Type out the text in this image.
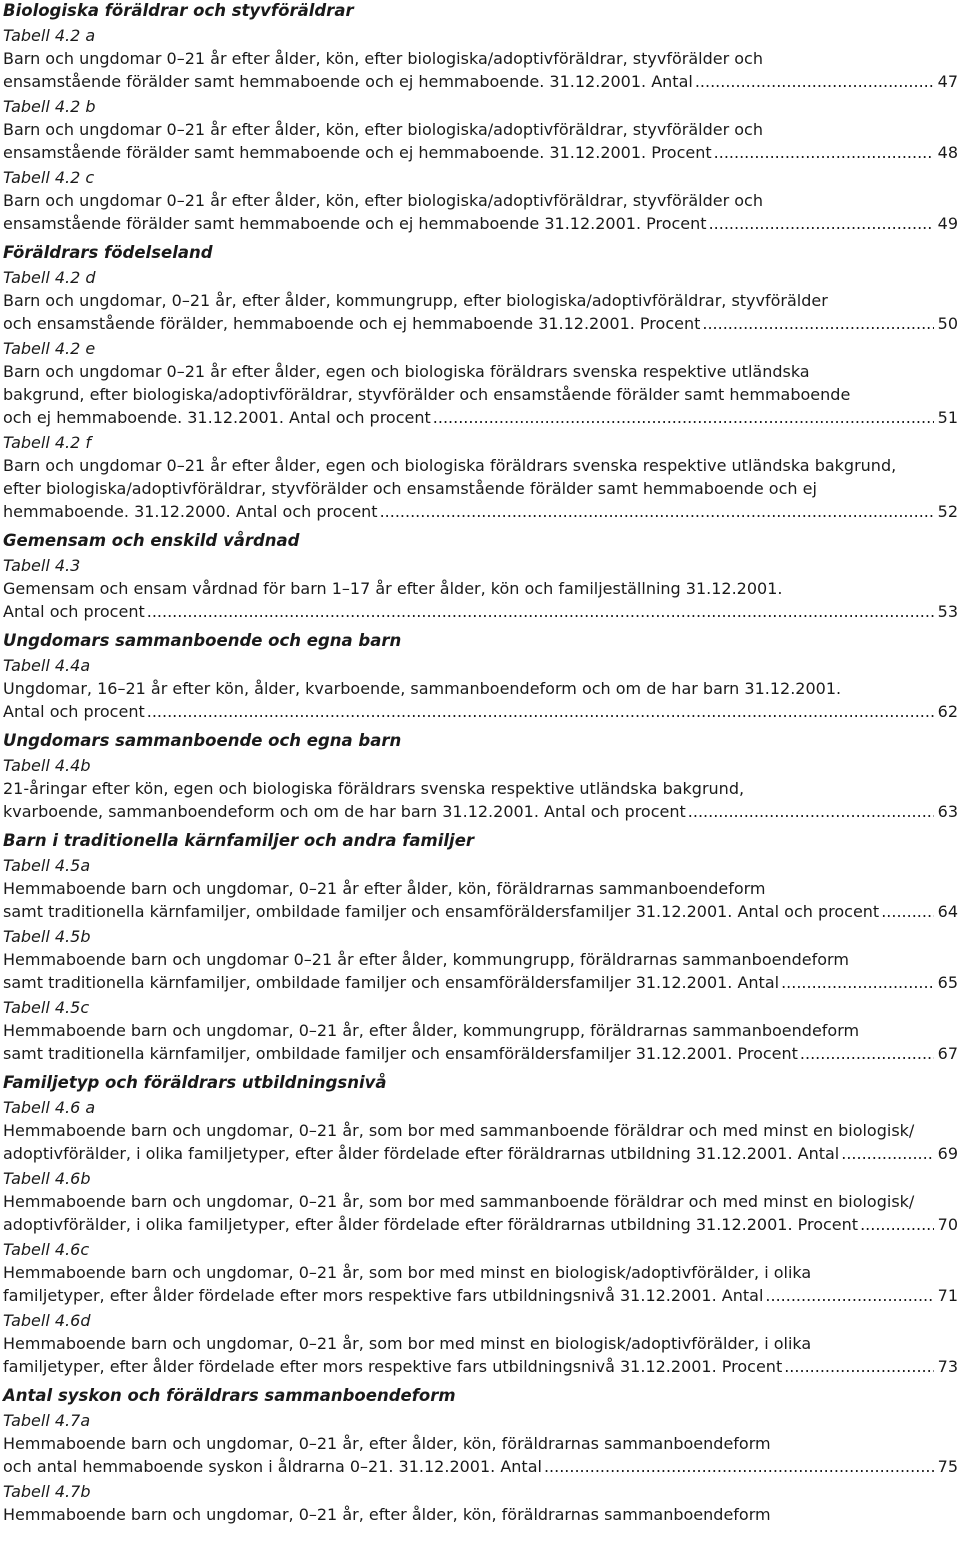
Biologiska föräldrar och styvföräldrar
Tabell 4.2 a
Barn och ungdomar 0–21 år efter ålder, kön, efter biologiska/adoptivföräldrar, styvförälder och
ensamstående förälder samt hemmaboende och ej hemmaboende. 31.12.2001. Antal .....	47
Tabell 4.2 b
Barn och ungdomar 0–21 år efter ålder, kön, efter biologiska/adoptivföräldrar, styvförälder och
ensamstående förälder samt hemmaboende och ej hemmaboende. 31.12.2001. Procent .....	48
Tabell 4.2 c
Barn och ungdomar 0–21 år efter ålder, kön, efter biologiska/adoptivföräldrar, styvförälder och
ensamstående förälder samt hemmaboende och ej hemmaboende 31.12.2001. Procent .....	49
Föräldrars födelseland
Tabell 4.2 d
Barn och ungdomar, 0–21 år, efter ålder, kommungrupp, efter biologiska/adoptivföräldrar, styvförälder
och ensamstående förälder, hemmaboende och ej hemmaboende 31.12.2001. Procent .....	50
Tabell 4.2 e
Barn och ungdomar 0–21 år efter ålder, egen och biologiska föräldrars svenska respektive utländska
bakgrund, efter biologiska/adoptivföräldrar, styvförälder och ensamstående förälder samt hemmaboende
och ej hemmaboende. 31.12.2001. Antal och procent .....	51
Tabell 4.2 f
Barn och ungdomar 0–21 år efter ålder, egen och biologiska föräldrars svenska respektive utländska bakgrund,
efter biologiska/adoptivföräldrar, styvförälder och ensamstående förälder samt hemmaboende och ej
hemmaboende. 31.12.2000. Antal och procent .....	52
Gemensam och enskild vårdnad
Tabell 4.3
Gemensam och ensam vårdnad för barn 1–17 år efter ålder, kön och familjeställning 31.12.2001.
Antal och procent .....	53
Ungdomars sammanboende och egna barn
Tabell 4.4a
Ungdomar, 16–21 år efter kön, ålder, kvarboende, sammanboendeform och om de har barn 31.12.2001.
Antal och procent .....	62
Ungdomars sammanboende och egna barn
Tabell 4.4b
21-åringar efter kön, egen och biologiska föräldrars svenska respektive utländska bakgrund,
kvarboende, sammanboendeform och om de har barn 31.12.2001. Antal och procent .....	63
Barn i traditionella kärnfamiljer och andra familjer
Tabell 4.5a
Hemmaboende barn och ungdomar, 0–21 år efter ålder, kön, föräldrarnas sammanboendeform
samt traditionella kärnfamiljer, ombildade familjer och ensamföräldersfamiljer 31.12.2001. Antal och procent .....	64
Tabell 4.5b
Hemmaboende barn och ungdomar 0–21 år efter ålder, kommungrupp, föräldrarnas sammanboendeform
samt traditionella kärnfamiljer, ombildade familjer och ensamföräldersfamiljer 31.12.2001. Antal .....	65
Tabell 4.5c
Hemmaboende barn och ungdomar, 0–21 år, efter ålder, kommungrupp, föräldrarnas sammanboendeform
samt traditionella kärnfamiljer, ombildade familjer och ensamföräldersfamiljer 31.12.2001. Procent .....	67
Familjetyp och föräldrars utbildningsnivå
Tabell 4.6 a
Hemmaboende barn och ungdomar, 0–21 år, som bor med sammanboende föräldrar och med minst en biologisk/
adoptivförälder, i olika familjetyper, efter ålder fördelade efter föräldrarnas utbildning 31.12.2001. Antal .....	69
Tabell 4.6b
Hemmaboende barn och ungdomar, 0–21 år, som bor med sammanboende föräldrar och med minst en biologisk/
adoptivförälder, i olika familjetyper, efter ålder fördelade efter föräldrarnas utbildning 31.12.2001. Procent .....	70
Tabell 4.6c
Hemmaboende barn och ungdomar, 0–21 år, som bor med minst en biologisk/adoptivförälder, i olika
familjetyper, efter ålder fördelade efter mors respektive fars utbildningsnivå 31.12.2001. Antal .....	71
Tabell 4.6d
Hemmaboende barn och ungdomar, 0–21 år, som bor med minst en biologisk/adoptivförälder, i olika
familjetyper, efter ålder fördelade efter mors respektive fars utbildningsnivå 31.12.2001. Procent .....	73
Antal syskon och föräldrars sammanboendeform
Tabell 4.7a
Hemmaboende barn och ungdomar, 0–21 år, efter ålder, kön, föräldrarnas sammanboendeform
och antal hemmaboende syskon i åldrarna 0–21. 31.12.2001. Antal .....	75
Tabell 4.7b
Hemmaboende barn och ungdomar, 0–21 år, efter ålder, kön, föräldrarnas sammanboendeform
